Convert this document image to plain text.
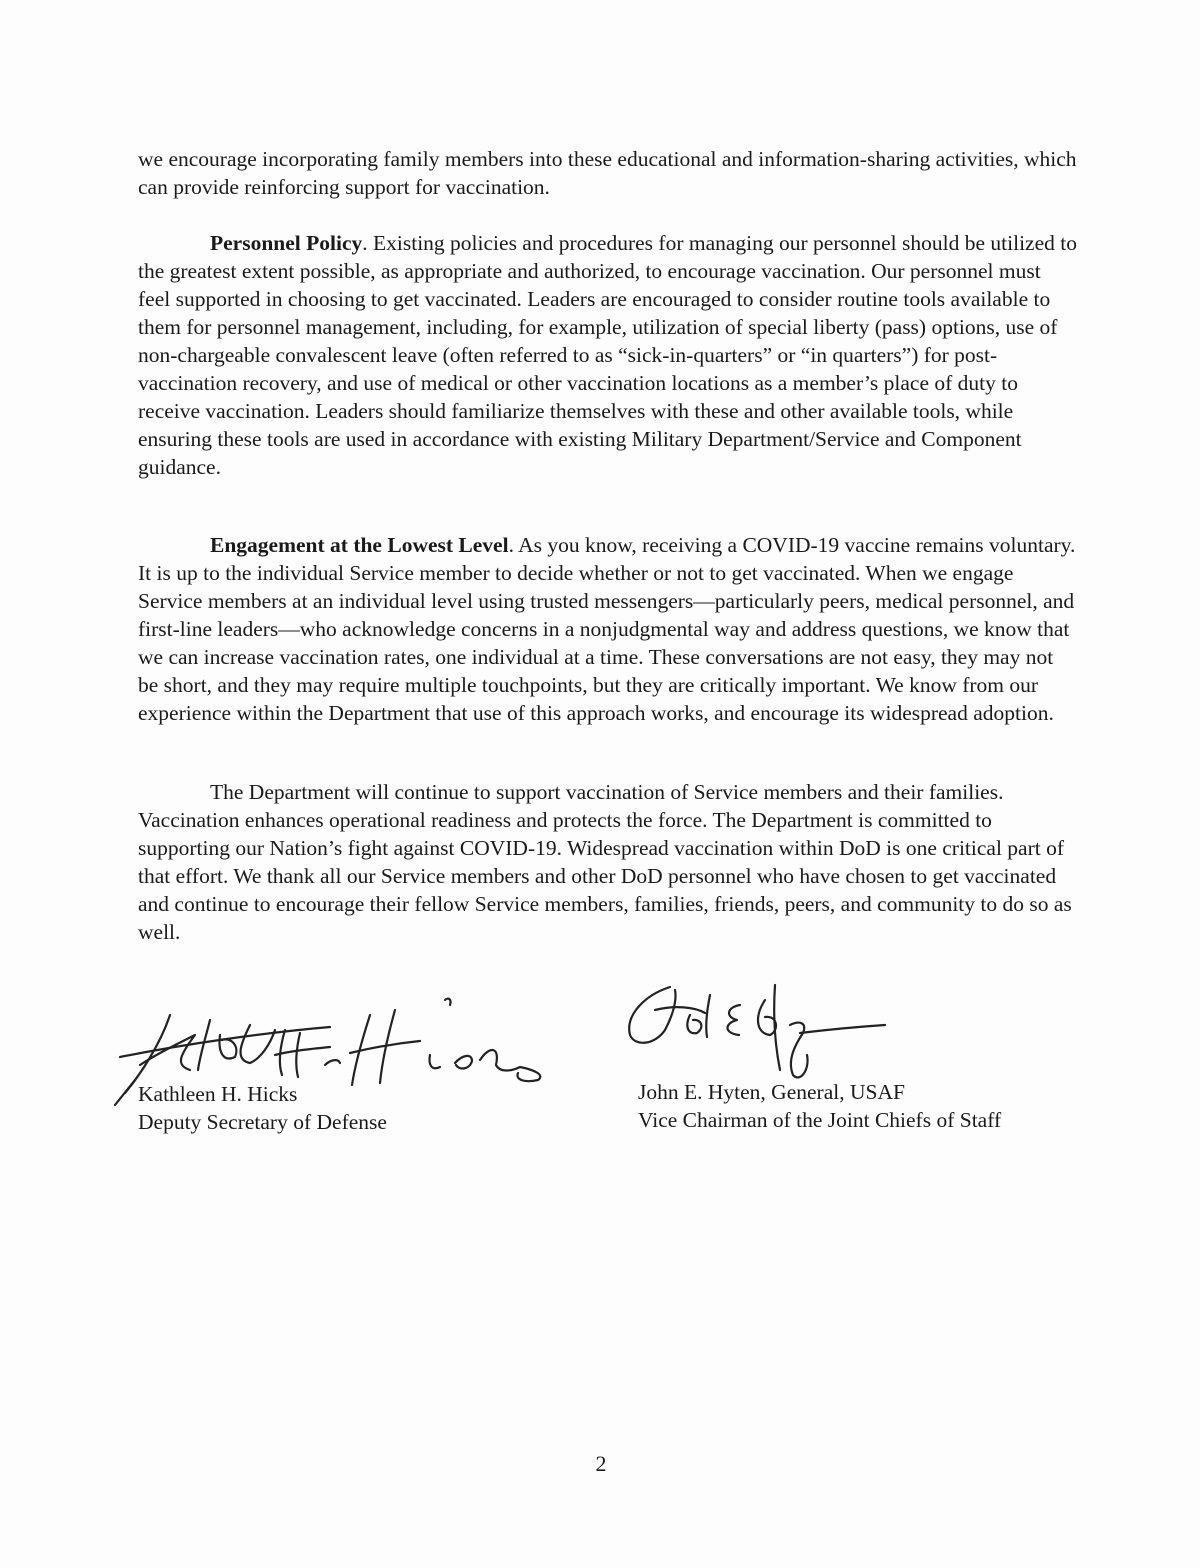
we encourage incorporating family members into these educational and information-sharing activities, which can provide reinforcing support for vaccination.

Personnel Policy. Existing policies and procedures for managing our personnel should be utilized to the greatest extent possible, as appropriate and authorized, to encourage vaccination. Our personnel must feel supported in choosing to get vaccinated. Leaders are encouraged to consider routine tools available to them for personnel management, including, for example, utilization of special liberty (pass) options, use of non-chargeable convalescent leave (often referred to as “sick-in-quarters” or “in quarters”) for post-vaccination recovery, and use of medical or other vaccination locations as a member’s place of duty to receive vaccination. Leaders should familiarize themselves with these and other available tools, while ensuring these tools are used in accordance with existing Military Department/Service and Component guidance.

Engagement at the Lowest Level. As you know, receiving a COVID-19 vaccine remains voluntary. It is up to the individual Service member to decide whether or not to get vaccinated. When we engage Service members at an individual level using trusted messengers—particularly peers, medical personnel, and first-line leaders—who acknowledge concerns in a nonjudgmental way and address questions, we know that we can increase vaccination rates, one individual at a time. These conversations are not easy, they may not be short, and they may require multiple touchpoints, but they are critically important. We know from our experience within the Department that use of this approach works, and encourage its widespread adoption.

The Department will continue to support vaccination of Service members and their families. Vaccination enhances operational readiness and protects the force. The Department is committed to supporting our Nation’s fight against COVID-19. Widespread vaccination within DoD is one critical part of that effort. We thank all our Service members and other DoD personnel who have chosen to get vaccinated and continue to encourage their fellow Service members, families, friends, peers, and community to do so as well.

Kathleen H. Hicks
Deputy Secretary of Defense
John E. Hyten, General, USAF
Vice Chairman of the Joint Chiefs of Staff
2
